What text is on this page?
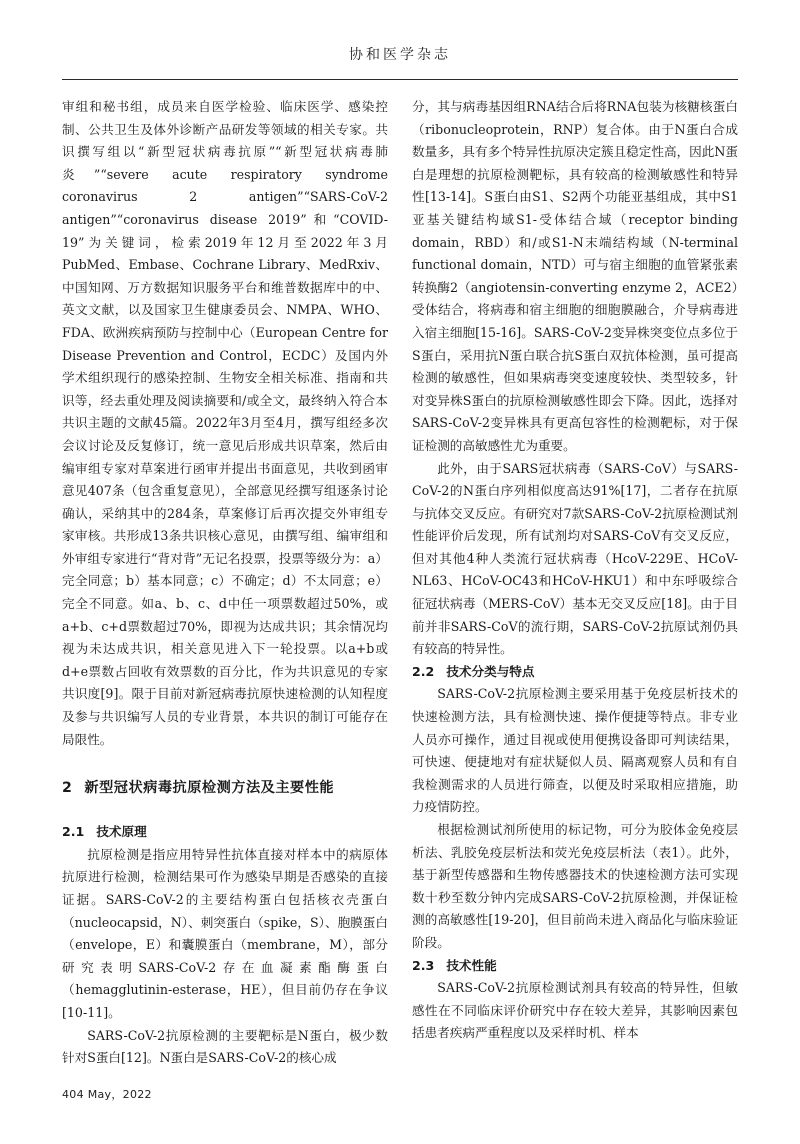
协和医学杂志

审组和秘书组，成员来自医学检验、临床医学、感染控制、公共卫生及体外诊断产品研发等领域的相关专家。共识撰写组以“新型冠状病毒抗原”“新型冠状病毒肺炎”“severe acute respiratory syndrome coronavirus 2 antigen”“SARS-CoV-2 antigen”“coronavirus disease 2019”和“COVID-19”为关键词，检索2019年12月至2022年3月PubMed、Embase、Cochrane Library、MedRxiv、中国知网、万方数据知识服务平台和维普数据库中的中、英文文献，以及国家卫生健康委员会、NMPA、WHO、FDA、欧洲疾病预防与控制中心（European Centre for Disease Prevention and Control，ECDC）及国内外学术组织现行的感染控制、生物安全相关标准、指南和共识等，经去重处理及阅读摘要和/或全文，最终纳入符合本共识主题的文献45篇。2022年3月至4月，撰写组经多次会议讨论及反复修订，统一意见后形成共识草案，然后由编审组专家对草案进行函审并提出书面意见，共收到函审意见407条（包含重复意见），全部意见经撰写组逐条讨论确认，采纳其中的284条，草案修订后再次提交外审组专家审核。共形成13条共识核心意见，由撰写组、编审组和外审组专家进行“背对背”无记名投票，投票等级分为：a）完全同意；b）基本同意；c）不确定；d）不太同意；e）完全不同意。如a、b、c、d中任一项票数超过50%，或a+b、c+d票数超过70%，即视为达成共识；其余情况均视为未达成共识，相关意见进入下一轮投票。以a+b或d+e票数占回收有效票数的百分比，作为共识意见的专家共识度[9]。限于目前对新冠病毒抗原快速检测的认知程度及参与共识编写人员的专业背景，本共识的制订可能存在局限性。

2 新型冠状病毒抗原检测方法及主要性能
2.1 技术原理

抗原检测是指应用特异性抗体直接对样本中的病原体抗原进行检测，检测结果可作为感染早期是否感染的直接证据。SARS-CoV-2的主要结构蛋白包括核衣壳蛋白（nucleocapsid，N）、刺突蛋白（spike，S）、胞膜蛋白（envelope，E）和囊膜蛋白（membrane，M），部分研究表明SARS-CoV-2存在血凝素酯酶蛋白（hemagglutinin-esterase，HE），但目前仍存在争议[10-11]。

SARS-CoV-2抗原检测的主要靶标是N蛋白，极少数针对S蛋白[12]。N蛋白是SARS-CoV-2的核心成

分，其与病毒基因组RNA结合后将RNA包装为核糖核蛋白（ribonucleoprotein，RNP）复合体。由于N蛋白合成数量多，具有多个特异性抗原决定簇且稳定性高，因此N蛋白是理想的抗原检测靶标，具有较高的检测敏感性和特异性[13-14]。S蛋白由S1、S2两个功能亚基组成，其中S1亚基关键结构域S1-受体结合域（receptor binding domain，RBD）和/或S1-N末端结构域（N-terminal functional domain，NTD）可与宿主细胞的血管紧张素转换酶2（angiotensin-converting enzyme 2，ACE2）受体结合，将病毒和宿主细胞的细胞膜融合，介导病毒进入宿主细胞[15-16]。SARS-CoV-2变异株突变位点多位于S蛋白，采用抗N蛋白联合抗S蛋白双抗体检测，虽可提高检测的敏感性，但如果病毒突变速度较快、类型较多，针对变异株S蛋白的抗原检测敏感性即会下降。因此，选择对SARS-CoV-2变异株具有更高包容性的检测靶标，对于保证检测的高敏感性尤为重要。

此外，由于SARS冠状病毒（SARS-CoV）与SARS-CoV-2的N蛋白序列相似度高达91%[17]，二者存在抗原与抗体交叉反应。有研究对7款SARS-CoV-2抗原检测试剂性能评价后发现，所有试剂均对SARS-CoV有交叉反应，但对其他4种人类流行冠状病毒（HcoV-229E、HCoV-NL63、HCoV-OC43和HCoV-HKU1）和中东呼吸综合征冠状病毒（MERS-CoV）基本无交叉反应[18]。由于目前并非SARS-CoV的流行期，SARS-CoV-2抗原试剂仍具有较高的特异性。

2.2 技术分类与特点

SARS-CoV-2抗原检测主要采用基于免疫层析技术的快速检测方法，具有检测快速、操作便捷等特点。非专业人员亦可操作，通过目视或使用便携设备即可判读结果，可快速、便捷地对有症状疑似人员、隔离观察人员和有自我检测需求的人员进行筛查，以便及时采取相应措施，助力疫情防控。

根据检测试剂所使用的标记物，可分为胶体金免疫层析法、乳胶免疫层析法和荧光免疫层析法（表1）。此外，基于新型传感器和生物传感器技术的快速检测方法可实现数十秒至数分钟内完成SARS-CoV-2抗原检测，并保证检测的高敏感性[19-20]，但目前尚未进入商品化与临床验证阶段。

2.3 技术性能

SARS-CoV-2抗原检测试剂具有较高的特异性，但敏感性在不同临床评价研究中存在较大差异，其影响因素包括患者疾病严重程度以及采样时机、样本

404 May，2022
